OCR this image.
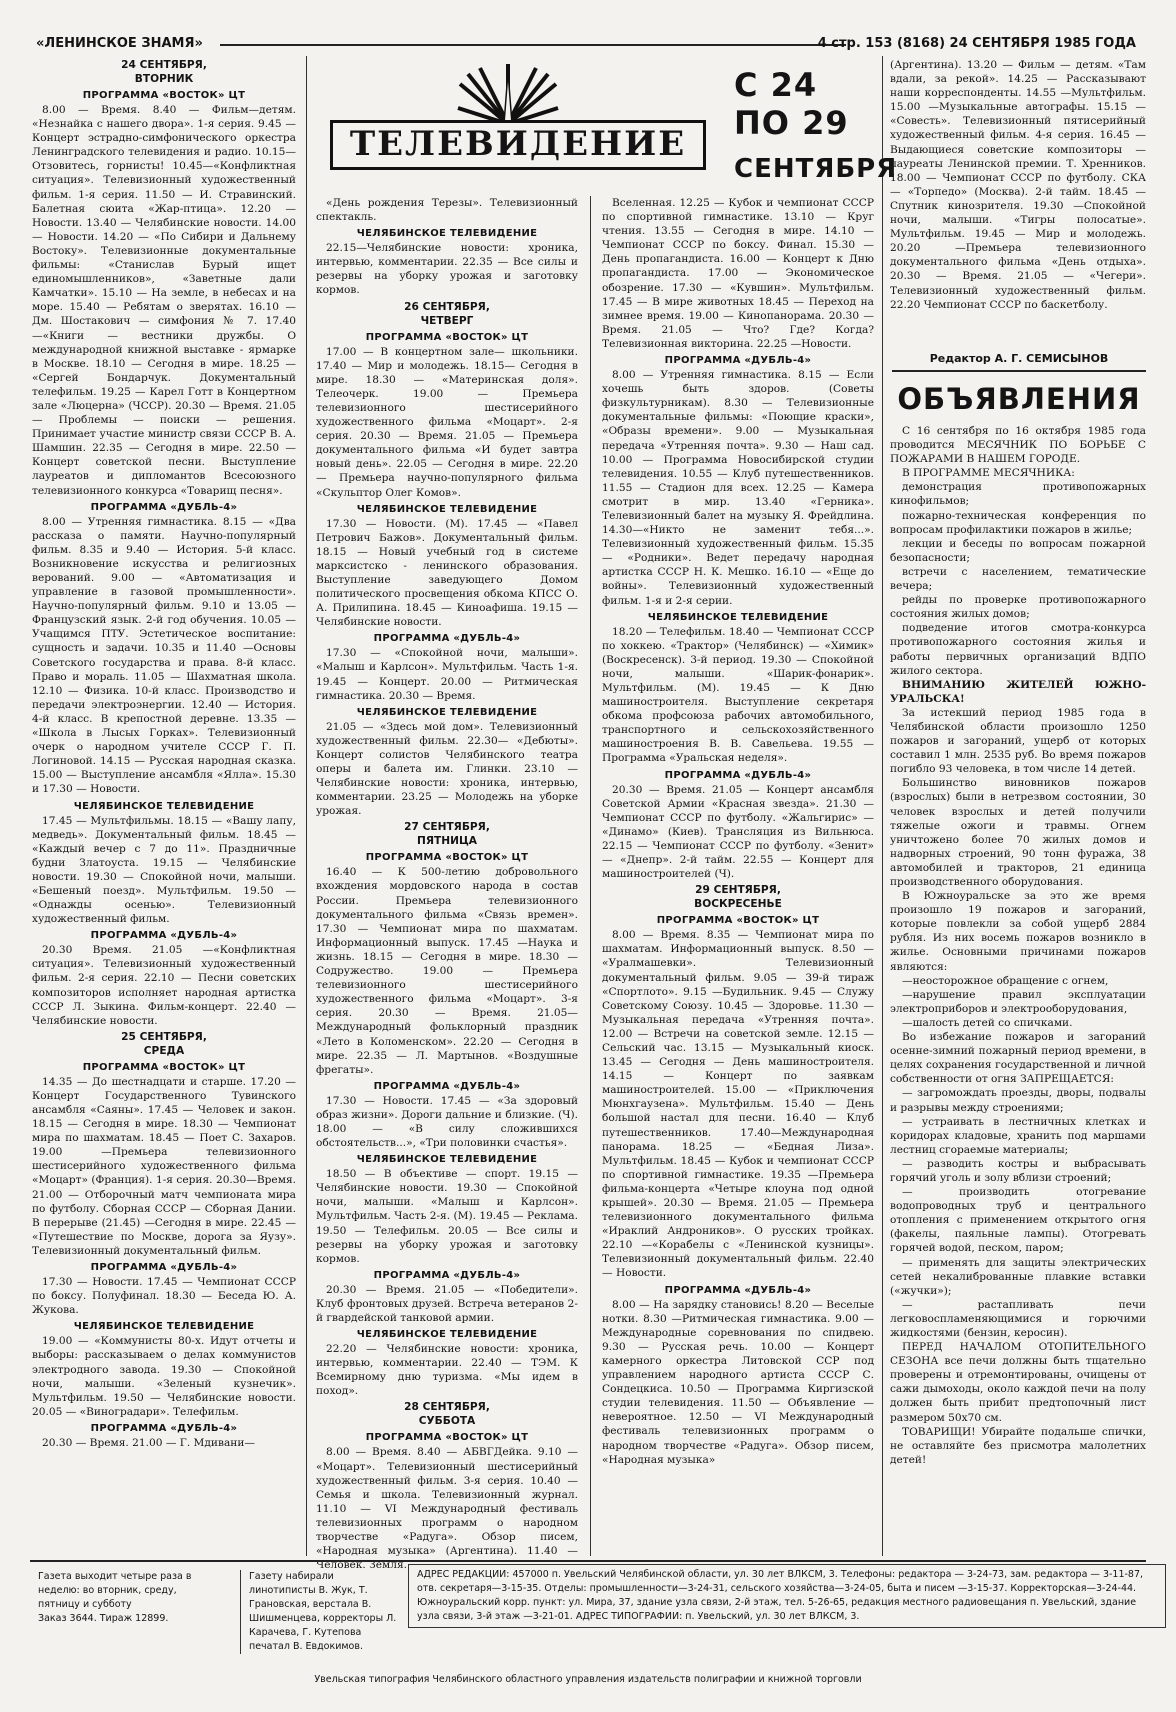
«ЛЕНИНСКОЕ ЗНАМЯ»	4 стр. 153 (8168) 24 СЕНТЯБРЯ 1985 ГОДА
ТЕЛЕВИДЕНИЕ
С 24 ПО 29
СЕНТЯБРЯ
24 СЕНТЯБРЯ,
ВТОРНИК
ПРОГРАММА «ВОСТОК» ЦТ

8.00 — Время. 8.40 — Фильм—детям. «Незнайка с нашего двора». 1-я серия. 9.45 — Концерт эстрадно-симфонического оркестра Ленинградского телевидения и радио. 10.15—Отзовитесь, горнисты! 10.45—«Конфликтная ситуация». Телевизионный художественный фильм. 1-я серия. 11.50 — И. Стравинский. Балетная сюита «Жар-птица». 12.20 — Новости. 13.40 — Челябинские новости. 14.00 — Новости. 14.20 — «По Сибири и Дальнему Востоку». Телевизионные документальные фильмы: «Станислав Бурый ищет единомышленников», «Заветные дали Камчатки». 15.10 — На земле, в небесах и на море. 15.40 — Ребятам о зверятах. 16.10 — Дм. Шостакович — симфония № 7. 17.40 —«Книги — вестники дружбы. О международной книжной выставке - ярмарке в Москве. 18.10 — Сегодня в мире. 18.25 — «Сергей Бондарчук. Документальный телефильм. 19.25 — Карел Готт в Концертном зале «Люцерна» (ЧССР). 20.30 — Время. 21.05 — Проблемы — поиски — решения. Принимает участие министр связи СССР В. А. Шамшин. 22.35 — Сегодня в мире. 22.50 — Концерт советской песни. Выступление лауреатов и дипломантов Всесоюзного телевизионного конкурса «Товарищ песня».

ПРОГРАММА «ДУБЛЬ-4»

8.00 — Утренняя гимнастика. 8.15 — «Два рассказа о памяти. Научно-популярный фильм. 8.35 и 9.40 — История. 5-й класс. Возникновение искусства и религиозных верований. 9.00 — «Автоматизация и управление в газовой промышленности». Научно-популярный фильм. 9.10 и 13.05 — Французский язык. 2-й год обучения. 10.05 — Учащимся ПТУ. Эстетическое воспитание: сущность и задачи. 10.35 и 11.40 —Основы Советского государства и права. 8-й класс. Право и мораль. 11.05 — Шахматная школа. 12.10 — Физика. 10-й класс. Производство и передачи электроэнергии. 12.40 — История. 4-й класс. В крепостной деревне. 13.35 — «Школа в Лысых Горках». Телевизионный очерк о народном учителе СССР Г. П. Логиновой. 14.15 — Русская народная сказка. 15.00 — Выступление ансамбля «Ялла». 15.30 и 17.30 — Новости.

ЧЕЛЯБИНСКОЕ ТЕЛЕВИДЕНИЕ

17.45 — Мультфильмы. 18.15 — «Вашу лапу, медведь». Документальный фильм. 18.45 — «Каждый вечер с 7 до 11». Праздничные будни Златоуста. 19.15 — Челябинские новости. 19.30 — Спокойной ночи, малыши. «Бешеный поезд». Мультфильм. 19.50 — «Однажды осенью». Телевизионный художественный фильм.

ПРОГРАММА «ДУБЛЬ-4»

20.30 Время. 21.05 —«Конфликтная ситуация». Телевизионный художественный фильм. 2-я серия. 22.10 — Песни советских композиторов исполняет народная артистка СССР Л. Зыкина. Фильм-концерт. 22.40 — Челябинские новости.

25 СЕНТЯБРЯ,
СРЕДА
ПРОГРАММА «ВОСТОК» ЦТ

14.35 — До шестнадцати и старше. 17.20 — Концерт Государственного Тувинского ансамбля «Саяны». 17.45 — Человек и закон. 18.15 — Сегодня в мире. 18.30 — Чемпионат мира по шахматам. 18.45 — Поет С. Захаров. 19.00 —Премьера телевизионного шестисерийного художественного фильма «Моцарт» (Франция). 1-я серия. 20.30—Время. 21.00 — Отборочный матч чемпионата мира по футболу. Сборная СССР — Сборная Дании. В перерыве (21.45) —Сегодня в мире. 22.45 — «Путешествие по Москве, дорога за Яузу». Телевизионный документальный фильм.

ПРОГРАММА «ДУБЛЬ-4»

17.30 — Новости. 17.45 — Чемпионат СССР по боксу. Полуфинал. 18.30 — Беседа Ю. А. Жукова.

ЧЕЛЯБИНСКОЕ ТЕЛЕВИДЕНИЕ

19.00 — «Коммунисты 80-х. Идут отчеты и выборы: рассказываем о делах коммунистов электродного завода. 19.30 — Спокойной ночи, малыши. «Зеленый кузнечик». Мультфильм. 19.50 — Челябинские новости. 20.05 — «Виноградари». Телефильм.

ПРОГРАММА «ДУБЛЬ-4»

20.30 — Время. 21.00 — Г. Мдивани—

«День рождения Терезы». Телевизионный спектакль.

ЧЕЛЯБИНСКОЕ ТЕЛЕВИДЕНИЕ

22.15—Челябинские новости: хроника, интервью, комментарии. 22.35 — Все силы и резервы на уборку урожая и заготовку кормов.

26 СЕНТЯБРЯ,
ЧЕТВЕРГ
ПРОГРАММА «ВОСТОК» ЦТ

17.00 — В концертном зале— школьники. 17.40 — Мир и молодежь. 18.15— Сегодня в мире. 18.30 — «Материнская доля». Телеочерк. 19.00 — Премьера телевизионного шестисерийного художественного фильма «Моцарт». 2-я серия. 20.30 — Время. 21.05 — Премьера документального фильма «И будет завтра новый день». 22.05 — Сегодня в мире. 22.20 — Премьера научно-популярного фильма «Скульптор Олег Комов».

ЧЕЛЯБИНСКОЕ ТЕЛЕВИДЕНИЕ

17.30 — Новости. (М). 17.45 — «Павел Петрович Бажов». Документальный фильм. 18.15 — Новый учебный год в системе марксистско - ленинского образования. Выступление заведующего Домом политического просвещения обкома КПСС О. А. Прилипина. 18.45 — Киноафиша. 19.15 — Челябинские новости.

ПРОГРАММА «ДУБЛЬ-4»

17.30 — «Спокойной ночи, малыши». «Малыш и Карлсон». Мультфильм. Часть 1-я. 19.45 — Концерт. 20.00 — Ритмическая гимнастика. 20.30 — Время.

ЧЕЛЯБИНСКОЕ ТЕЛЕВИДЕНИЕ

21.05 — «Здесь мой дом». Телевизионный художественный фильм. 22.30— «Дебюты». Концерт солистов Челябинского театра оперы и балета им. Глинки. 23.10 — Челябинские новости: хроника, интервью, комментарии. 23.25 — Молодежь на уборке урожая.

27 СЕНТЯБРЯ,
ПЯТНИЦА
ПРОГРАММА «ВОСТОК» ЦТ

16.40 — К 500-летию добровольного вхождения мордовского народа в состав России. Премьера телевизионного документального фильма «Связь времен». 17.30 — Чемпионат мира по шахматам. Информационный выпуск. 17.45 —Наука и жизнь. 18.15 — Сегодня в мире. 18.30 — Содружество. 19.00 — Премьера телевизионного шестисерийного художественного фильма «Моцарт». 3-я серия. 20.30 — Время. 21.05—Международный фольклорный праздник «Лето в Коломенском». 22.20 — Сегодня в мире. 22.35 — Л. Мартынов. «Воздушные фрегаты».

ПРОГРАММА «ДУБЛЬ-4»

17.30 — Новости. 17.45 — «За здоровый образ жизни». Дороги дальние и близкие. (Ч). 18.00 — «В силу сложившихся обстоятельств...», «Три половинки счастья».

ЧЕЛЯБИНСКОЕ ТЕЛЕВИДЕНИЕ

18.50 — В объективе — спорт. 19.15 — Челябинские новости. 19.30 — Спокойной ночи, малыши. «Малыш и Карлсон». Мультфильм. Часть 2-я. (М). 19.45 — Реклама. 19.50 — Телефильм. 20.05 — Все силы и резервы на уборку урожая и заготовку кормов.

ПРОГРАММА «ДУБЛЬ-4»

20.30 — Время. 21.05 — «Победители». Клуб фронтовых друзей. Встреча ветеранов 2-й гвардейской танковой армии.

ЧЕЛЯБИНСКОЕ ТЕЛЕВИДЕНИЕ

22.20 — Челябинские новости: хроника, интервью, комментарии. 22.40 — ТЭМ. К Всемирному дню туризма. «Мы идем в поход».

28 СЕНТЯБРЯ,
СУББОТА
ПРОГРАММА «ВОСТОК» ЦТ

8.00 — Время. 8.40 — АБВГДейка. 9.10 — «Моцарт». Телевизионный шестисерийный художественный фильм. 3-я серия. 10.40 — Семья и школа. Телевизионный журнал. 11.10 — VI Международный фестиваль телевизионных программ о народном творчестве «Радуга». Обзор писем, «Народная музыка» (Аргентина). 11.40 — Человек. Земля.

Вселенная. 12.25 — Кубок и чемпионат СССР по спортивной гимнастике. 13.10 — Круг чтения. 13.55 — Сегодня в мире. 14.10 — Чемпионат СССР по боксу. Финал. 15.30 — День пропагандиста. 16.00 — Концерт к Дню пропагандиста. 17.00 — Экономическое обозрение. 17.30 — «Кувшин». Мультфильм. 17.45 — В мире животных 18.45 — Переход на зимнее время. 19.00 — Кинопанорама. 20.30 — Время. 21.05 — Что? Где? Когда? Телевизионная викторина. 22.25 —Новости.

ПРОГРАММА «ДУБЛЬ-4»

8.00 — Утренняя гимнастика. 8.15 — Если хочешь быть здоров. (Советы физкультурникам). 8.30 — Телевизионные документальные фильмы: «Поющие краски», «Образы времени». 9.00 — Музыкальная передача «Утренняя почта». 9.30 — Наш сад. 10.00 — Программа Новосибирской студии телевидения. 10.55 — Клуб путешественников. 11.55 — Стадион для всех. 12.25 — Камера смотрит в мир. 13.40 «Герника». Телевизионный балет на музыку Я. Фрейдлина. 14.30—«Никто не заменит тебя...». Телевизионный художественный фильм. 15.35 — «Родники». Ведет передачу народная артистка СССР Н. К. Мешко. 16.10 — «Еще до войны». Телевизионный художественный фильм. 1-я и 2-я серии.

ЧЕЛЯБИНСКОЕ ТЕЛЕВИДЕНИЕ

18.20 — Телефильм. 18.40 — Чемпионат СССР по хоккею. «Трактор» (Челябинск) — «Химик» (Воскресенск). 3-й период. 19.30 — Спокойной ночи, малыши. «Шарик-фонарик». Мультфильм. (М). 19.45 — К Дню машиностроителя. Выступление секретаря обкома профсоюза рабочих автомобильного, транспортного и сельскохозяйственного машиностроения В. В. Савельева. 19.55 — Программа «Уральская неделя».

ПРОГРАММА «ДУБЛЬ-4»

20.30 — Время. 21.05 — Концерт ансамбля Советской Армии «Красная звезда». 21.30 — Чемпионат СССР по футболу. «Жальгирис» — «Динамо» (Киев). Трансляция из Вильнюса. 22.15 — Чемпионат СССР по футболу. «Зенит» — «Днепр». 2-й тайм. 22.55 — Концерт для машиностроителей (Ч).

29 СЕНТЯБРЯ,
ВОСКРЕСЕНЬЕ
ПРОГРАММА «ВОСТОК» ЦТ

8.00 — Время. 8.35 — Чемпионат мира по шахматам. Информационный выпуск. 8.50 — «Уралмашевки». Телевизионный документальный фильм. 9.05 — 39-й тираж «Спортлото». 9.15 —Будильник. 9.45 — Служу Советскому Союзу. 10.45 — Здоровье. 11.30 —Музыкальная передача «Утренняя почта». 12.00 — Встречи на советской земле. 12.15 — Сельский час. 13.15 — Музыкальный киоск. 13.45 — Сегодня — День машиностроителя. 14.15 — Концерт по заявкам машиностроителей. 15.00 — «Приключения Мюнхгаузена». Мультфильм. 15.40 — День большой настал для песни. 16.40 — Клуб путешественников. 17.40—Международная панорама. 18.25 — «Бедная Лиза». Мультфильм. 18.45 — Кубок и чемпионат СССР по спортивной гимнастике. 19.35 —Премьера фильма-концерта «Четыре клоуна под одной крышей». 20.30 — Время. 21.05 — Премьера телевизионного документального фильма «Ираклий Андроников». О русских тройках. 22.10 —«Корабелы с «Ленинской кузницы». Телевизионный документальный фильм. 22.40 — Новости.

ПРОГРАММА «ДУБЛЬ-4»

8.00 — На зарядку становись! 8.20 — Веселые нотки. 8.30 —Ритмическая гимнастика. 9.00 — Международные соревнования по спидвею. 9.30 — Русская речь. 10.00 — Концерт камерного оркестра Литовской ССР под управлением народного артиста СССР С. Сондецкиса. 10.50 — Программа Киргизской студии телевидения. 11.50 — Объявление —невероятное. 12.50 — VI Международный фестиваль телевизионных программ о народном творчестве «Радуга». Обзор писем, «Народная музыка»

(Аргентина). 13.20 — Фильм — детям. «Там вдали, за рекой». 14.25 — Рассказывают наши корреспонденты. 14.55 —Мультфильм. 15.00 —Музыкальные автографы. 15.15 — «Совесть». Телевизионный пятисерийный художественный фильм. 4-я серия. 16.45 — Выдающиеся советские композиторы — лауреаты Ленинской премии. Т. Хренников. 18.00 — Чемпионат СССР по футболу. СКА — «Торпедо» (Москва). 2-й тайм. 18.45 — Спутник кинозрителя. 19.30 —Спокойной ночи, малыши. «Тигры полосатые». Мультфильм. 19.45 — Мир и молодежь. 20.20 —Премьера телевизионного документального фильма «День отдыха». 20.30 — Время. 21.05 — «Чегери». Телевизионный художественный фильм. 22.20 Чемпионат СССР по баскетболу.

Редактор А. Г. СЕМИСЫНОВ
ОБЪЯВЛЕНИЯ

С 16 сентября по 16 октября 1985 года проводится МЕСЯЧНИК ПО БОРЬБЕ С ПОЖАРАМИ В НАШЕМ ГОРОДЕ.

В ПРОГРАММЕ МЕСЯЧНИКА:

демонстрация противопожарных кинофильмов;

пожарно-техническая конференция по вопросам профилактики пожаров в жилье;

лекции и беседы по вопросам пожарной безопасности;

встречи с населением, тематические вечера;

рейды по проверке противопожарного состояния жилых домов;

подведение итогов смотра-конкурса противопожарного состояния жилья и работы первичных организаций ВДПО жилого сектора.

ВНИМАНИЮ ЖИТЕЛЕЙ ЮЖНО-УРАЛЬСКА!

За истекший период 1985 года в Челябинской области произошло 1250 пожаров и загораний, ущерб от которых составил 1 млн. 2535 руб. Во время пожаров погибло 93 человека, в том числе 14 детей.

Большинство виновников пожаров (взрослых) были в нетрезвом состоянии, 30 человек взрослых и детей получили тяжелые ожоги и травмы. Огнем уничтожено более 70 жилых домов и надворных строений, 90 тонн фуража, 38 автомобилей и тракторов, 21 единица производственного оборудования.

В Южноуральске за это же время произошло 19 пожаров и загораний, которые повлекли за собой ущерб 2884 рубля. Из них восемь пожаров возникло в жилье. Основными причинами пожаров являются:

—неосторожное обращение с огнем,

—нарушение правил эксплуатации электроприборов и электрооборудования,

—шалость детей со спичками.

Во избежание пожаров и загораний осенне-зимний пожарный период времени, в целях сохранения государственной и личной собственности от огня ЗАПРЕЩАЕТСЯ:

— загромождать проезды, дворы, подвалы и разрывы между строениями;

— устраивать в лестничных клетках и коридорах кладовые, хранить под маршами лестниц сгораемые материалы;

— разводить костры и выбрасывать горячий уголь и золу вблизи строений;

— производить отогревание водопроводных труб и центрального отопления с применением открытого огня (факелы, паяльные лампы). Отогревать горячей водой, песком, паром;

— применять для защиты электрических сетей некалиброванные плавкие вставки («жучки»);

— растапливать печи легковоспламеняющимися и горючими жидкостями (бензин, керосин).

ПЕРЕД НАЧАЛОМ ОТОПИТЕЛЬНОГО СЕЗОНА все печи должны быть тщательно проверены и отремонтированы, очищены от сажи дымоходы, около каждой печи на полу должен быть прибит предтопочный лист размером 50х70 см.

ТОВАРИЩИ! Убирайте подальше спички, не оставляйте без присмотра малолетних детей!

Газета выходит четыре раза в неделю: во вторник, среду, пятницу и субботу
Заказ 3644. Тираж 12899.
Газету набирали линотиписты В. Жук, Т. Грановская, верстала В. Шишменцева, корректоры Л. Карачева, Г. Кутепова печатал В. Евдокимов.
АДРЕС РЕДАКЦИИ: 457000 п. Увельский Челябинской области, ул. 30 лет ВЛКСМ, 3. Телефоны: редактора — 3-24-73, зам. редактора — 3-11-87, отв. секретаря—3-15-35. Отделы: промышленности—3-24-31, сельского хозяйства—3-24-05, быта и писем —3-15-37. Корректорская—3-24-44. Южноуральский корр. пункт: ул. Мира, 37, здание узла связи, 2-й этаж, тел. 5-26-65, редакция местного радиовещания п. Увельский, здание узла связи, 3-й этаж —3-21-01. АДРЕС ТИПОГРАФИИ: п. Увельский, ул. 30 лет ВЛКСМ, 3.
Увельская типография Челябинского областного управления издательств полиграфии и книжной торговли
